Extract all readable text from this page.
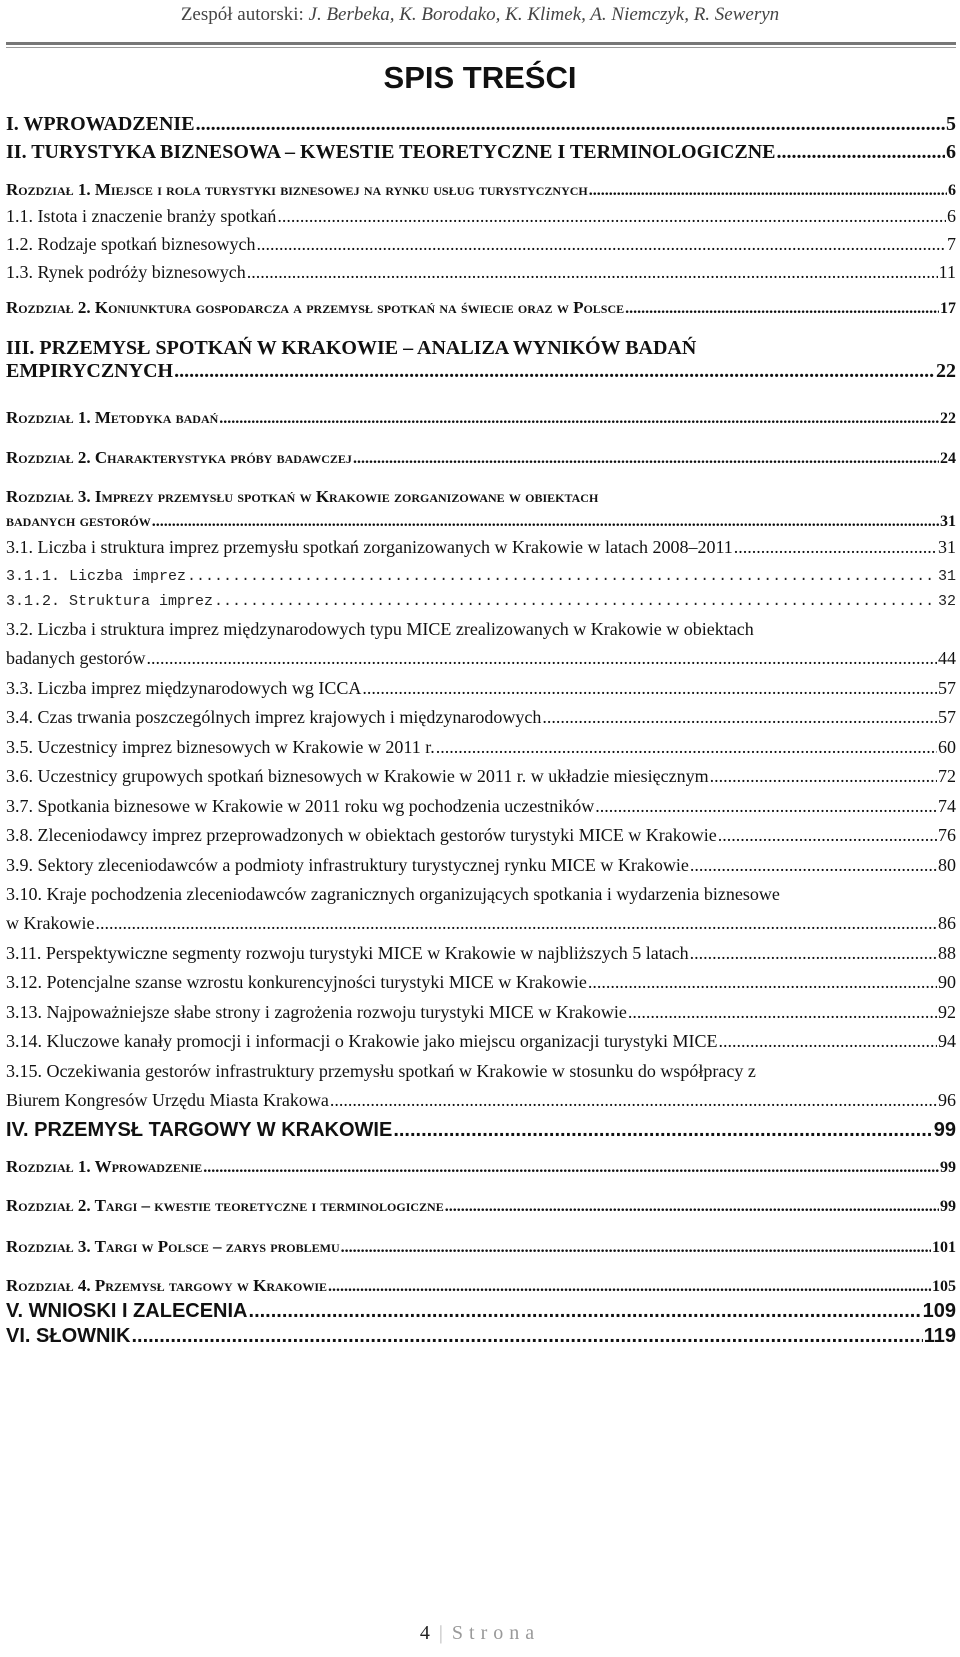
Zespół autorski: J. Berbeka, K. Borodako, K. Klimek, A. Niemczyk, R. Seweryn
SPIS TREŚCI
I. WPROWADZENIE .....	5
II. TURYSTYKA BIZNESOWA – KWESTIE TEORETYCZNE I TERMINOLOGICZNE .....	6
Rozdział 1. Miejsce i rola turystyki biznesowej na rynku usług turystycznych .....	6
1.1. Istota i znaczenie branży spotkań .....	6
1.2. Rodzaje spotkań biznesowych .....	7
1.3. Rynek podróży biznesowych .....	11
Rozdział 2. Koniunktura gospodarcza a przemysł spotkań na świecie oraz w Polsce .....	17
III. PRZEMYSŁ SPOTKAŃ W KRAKOWIE – ANALIZA WYNIKÓW BADAŃ
EMPIRYCZNYCH .....	22
Rozdział 1. Metodyka badań .....	22
Rozdział 2. Charakterystyka próby badawczej .....	24
Rozdział 3. Imprezy przemysłu spotkań w Krakowie zorganizowane w obiektach
badanych gestorów .....	31
3.1. Liczba i struktura imprez przemysłu spotkań zorganizowanych w Krakowie w latach 2008–2011 .....	31
3.1.1. Liczba imprez .....	31
3.1.2. Struktura imprez .....	32
3.2. Liczba i struktura imprez międzynarodowych typu MICE zrealizowanych w Krakowie w obiektach
badanych gestorów .....	44
3.3. Liczba imprez międzynarodowych wg ICCA .....	57
3.4. Czas trwania poszczególnych imprez krajowych i międzynarodowych .....	57
3.5. Uczestnicy imprez biznesowych w Krakowie w 2011 r. .....	60
3.6. Uczestnicy grupowych spotkań biznesowych w Krakowie w 2011 r. w układzie miesięcznym .....	72
3.7. Spotkania biznesowe w Krakowie w 2011 roku wg pochodzenia uczestników .....	74
3.8. Zleceniodawcy imprez przeprowadzonych w obiektach gestorów turystyki MICE w Krakowie .....	76
3.9. Sektory zleceniodawców a podmioty infrastruktury turystycznej rynku MICE w Krakowie .....	80
3.10. Kraje pochodzenia zleceniodawców zagranicznych organizujących spotkania i wydarzenia biznesowe
w Krakowie .....	86
3.11. Perspektywiczne segmenty rozwoju turystyki MICE w Krakowie w najbliższych 5 latach .....	88
3.12. Potencjalne szanse wzrostu konkurencyjności turystyki MICE w Krakowie .....	90
3.13. Najpoważniejsze słabe strony i zagrożenia rozwoju turystyki MICE w Krakowie .....	92
3.14. Kluczowe kanały promocji i informacji o Krakowie jako miejscu organizacji turystyki MICE .....	94
3.15. Oczekiwania gestorów infrastruktury przemysłu spotkań w Krakowie w stosunku do współpracy z
Biurem Kongresów Urzędu Miasta Krakowa .....	96
IV. PRZEMYSŁ TARGOWY W KRAKOWIE .....	99
Rozdział 1. Wprowadzenie .....	99
Rozdział 2. Targi – kwestie teoretyczne i terminologiczne .....	99
Rozdział 3. Targi w Polsce – zarys problemu .....	101
Rozdział 4. Przemysł targowy w Krakowie .....	105
V. WNIOSKI I ZALECENIA .....	109
VI. SŁOWNIK .....	119
4 | Strona
